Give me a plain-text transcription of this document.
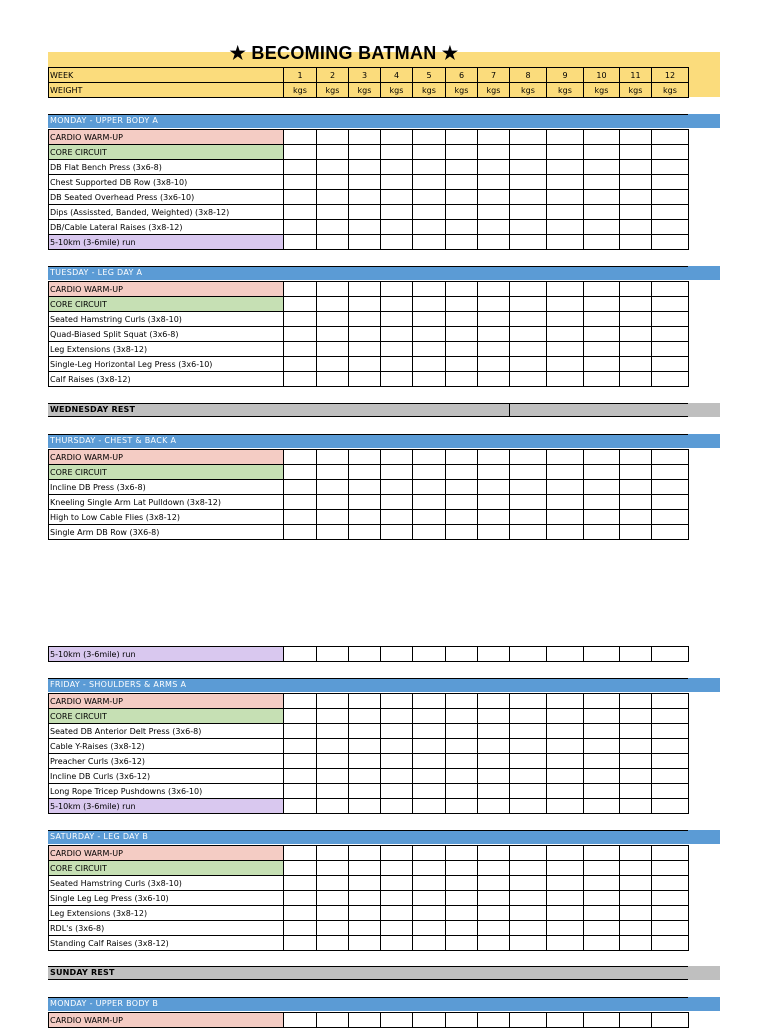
★ BECOMING BATMAN ★
WEEK	1	2	3	4	5	6	7	8	9	10	11	12
WEIGHT	kgs	kgs	kgs	kgs	kgs	kgs	kgs	kgs	kgs	kgs	kgs	kgs
MONDAY - UPPER BODY A
CARDIO WARM-UP												
CORE CIRCUIT												
DB Flat Bench Press (3x6-8)												
Chest Supported DB Row (3x8-10)												
DB Seated Overhead Press (3x6-10)												
Dips (Assissted, Banded, Weighted) (3x8-12)												
DB/Cable Lateral Raises (3x8-12)												
5-10km (3-6mile) run												
TUESDAY - LEG DAY A
CARDIO WARM-UP												
CORE CIRCUIT												
Seated Hamstring Curls (3x8-10)												
Quad-Biased Split Squat (3x6-8)												
Leg Extensions (3x8-12)												
Single-Leg Horizontal Leg Press (3x6-10)												
Calf Raises (3x8-12)												
WEDNESDAY REST
THURSDAY - CHEST & BACK A
CARDIO WARM-UP												
CORE CIRCUIT												
Incline DB Press (3x6-8)												
Kneeling Single Arm Lat Pulldown (3x8-12)												
High to Low Cable Flies (3x8-12)												
Single Arm DB Row (3X6-8)												
5-10km (3-6mile) run												
FRIDAY - SHOULDERS & ARMS A
CARDIO WARM-UP												
CORE CIRCUIT												
Seated DB Anterior Delt Press (3x6-8)												
Cable Y-Raises (3x8-12)												
Preacher Curls (3x6-12)												
Incline DB Curls (3x6-12)												
Long Rope Tricep Pushdowns (3x6-10)												
5-10km (3-6mile) run												
SATURDAY - LEG DAY B
CARDIO WARM-UP												
CORE CIRCUIT												
Seated Hamstring Curls (3x8-10)												
Single Leg Leg Press (3x6-10)												
Leg Extensions (3x8-12)												
RDL's (3x6-8)												
Standing Calf Raises (3x8-12)												
SUNDAY REST
MONDAY - UPPER BODY B
CARDIO WARM-UP												
